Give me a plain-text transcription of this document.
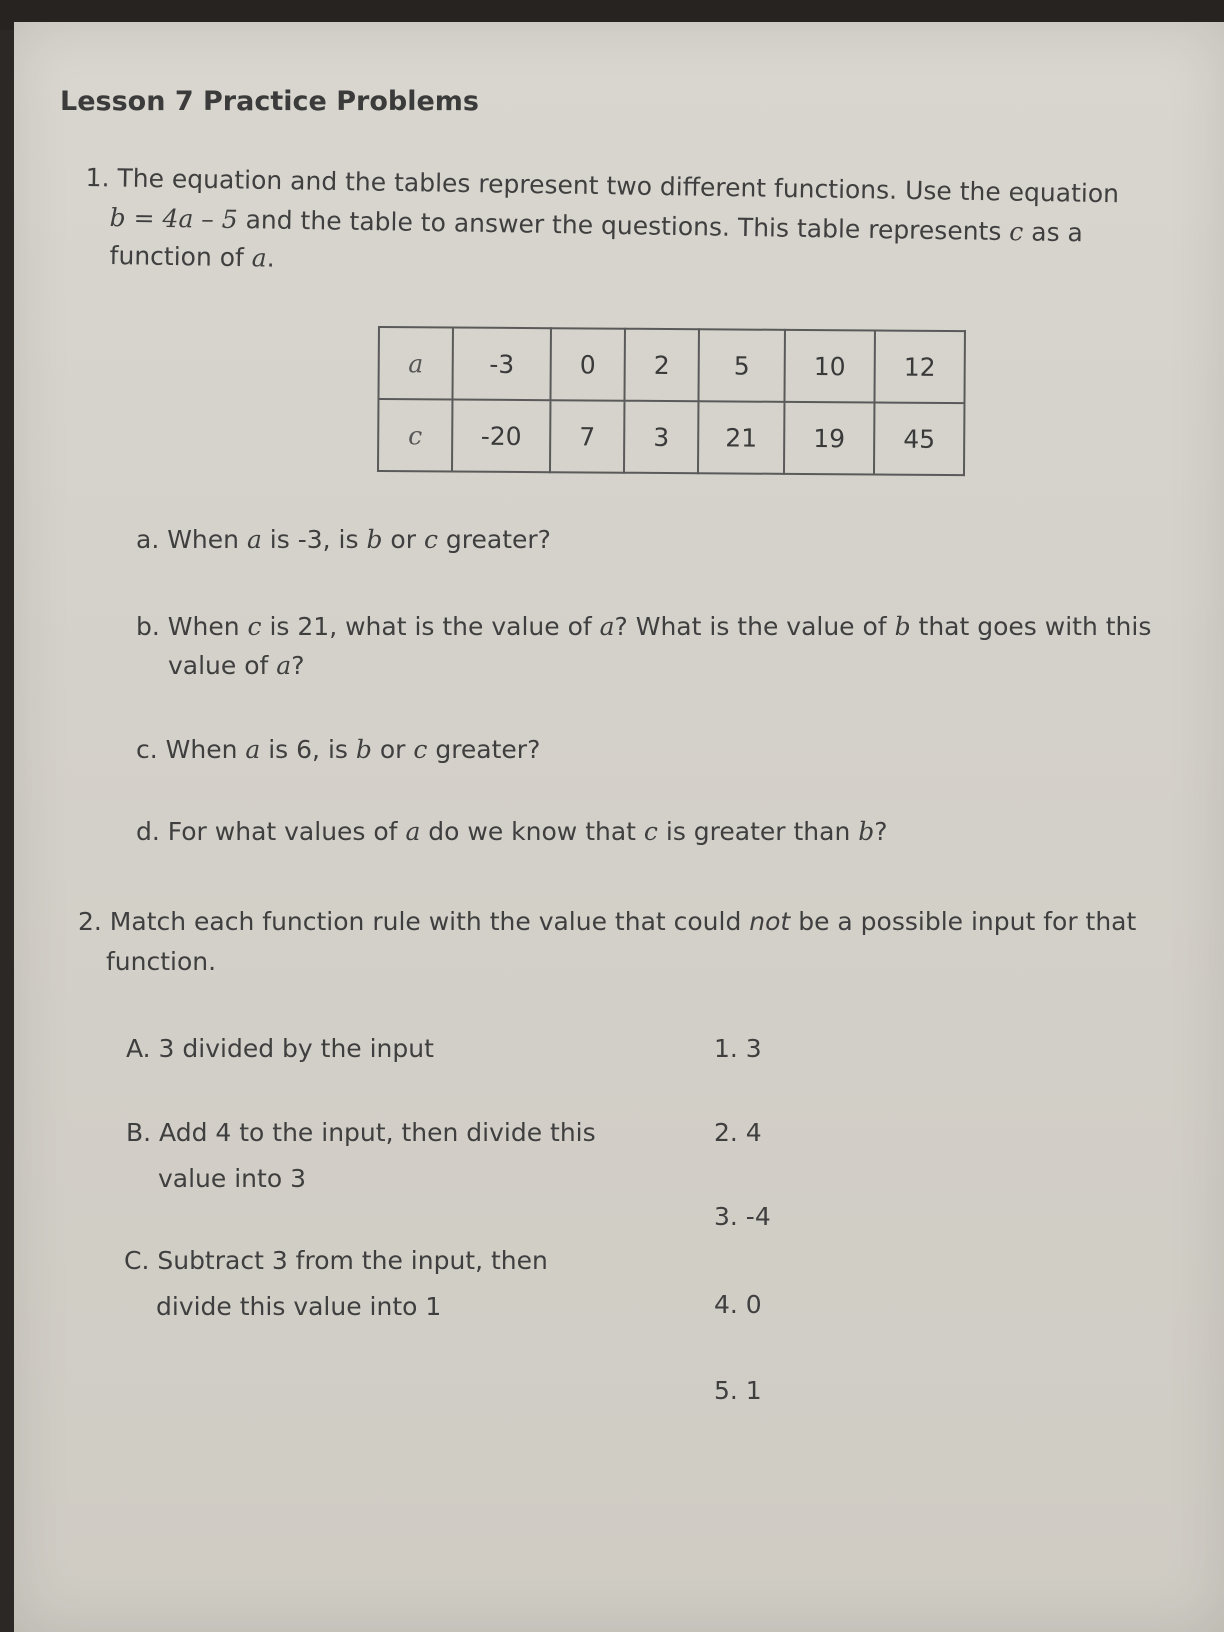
Lesson 7 Practice Problems

1. The equation and the tables represent two different functions. Use the equation

b = 4a – 5 and the table to answer the questions. This table represents c as a

function of a.

a	-3	0	2	5	10	12
c	-20	7	3	21	19	45

a. When a is -3, is b or c greater?

b. When c is 21, what is the value of a? What is the value of b that goes with this

value of a?

c. When a is 6, is b or c greater?

d. For what values of a do we know that c is greater than b?

2. Match each function rule with the value that could not be a possible input for that

function.

A. 3 divided by the input

B. Add 4 to the input, then divide this

value into 3

C. Subtract 3 from the input, then

divide this value into 1

1. 3

2. 4

3. -4

4. 0

5. 1
